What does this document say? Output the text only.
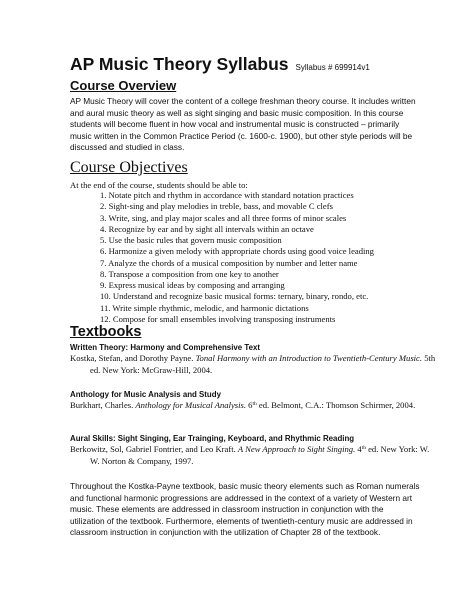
AP Music Theory Syllabus Syllabus # 699914v1
Course Overview

AP Music Theory will cover the content of a college freshman theory course. It includes written and aural music theory as well as sight singing and basic music composition. In this course students will become fluent in how vocal and instrumental music is constructed – primarily music written in the Common Practice Period (c. 1600-c. 1900), but other style periods will be discussed and studied in class.

Course Objectives
At the end of the course, students should be able to:
1. Notate pitch and rhythm in accordance with standard notation practices
2. Sight-sing and play melodies in treble, bass, and movable C clefs
3. Write, sing, and play major scales and all three forms of minor scales
4. Recognize by ear and by sight all intervals within an octave
5. Use the basic rules that govern music composition
6. Harmonize a given melody with appropriate chords using good voice leading
7. Analyze the chords of a musical composition by number and letter name
8. Transpose a composition from one key to another
9. Express musical ideas by composing and arranging
10. Understand and recognize basic musical forms: ternary, binary, rondo, etc.
11. Write simple rhythmic, melodic, and harmonic dictations
12. Compose for small ensembles involving transposing instruments
Textbooks
Written Theory: Harmony and Comprehensive Text

Kostka, Stefan, and Dorothy Payne. Tonal Harmony with an Introduction to Twentieth-Century Music. 5th ed. New York: McGraw-Hill, 2004.

Anthology for Music Analysis and Study

Burkhart, Charles. Anthology for Musical Analysis. 6th ed. Belmont, C.A.: Thomson Schirmer, 2004.

Aural Skills: Sight Singing, Ear Trainging, Keyboard, and Rhythmic Reading

Berkowitz, Sol, Gabriel Fontrier, and Leo Kraft. A New Approach to Sight Singing. 4th ed. New York: W. W. Norton & Company, 1997.

Throughout the Kostka‑Payne textbook, basic music theory elements such as Roman numerals and functional harmonic progressions are addressed in the context of a variety of Western art music. These elements are addressed in classroom instruction in conjunction with the utilization of the textbook. Furthermore, elements of twentieth-century music are addressed in classroom instruction in conjunction with the utilization of Chapter 28 of the textbook.
